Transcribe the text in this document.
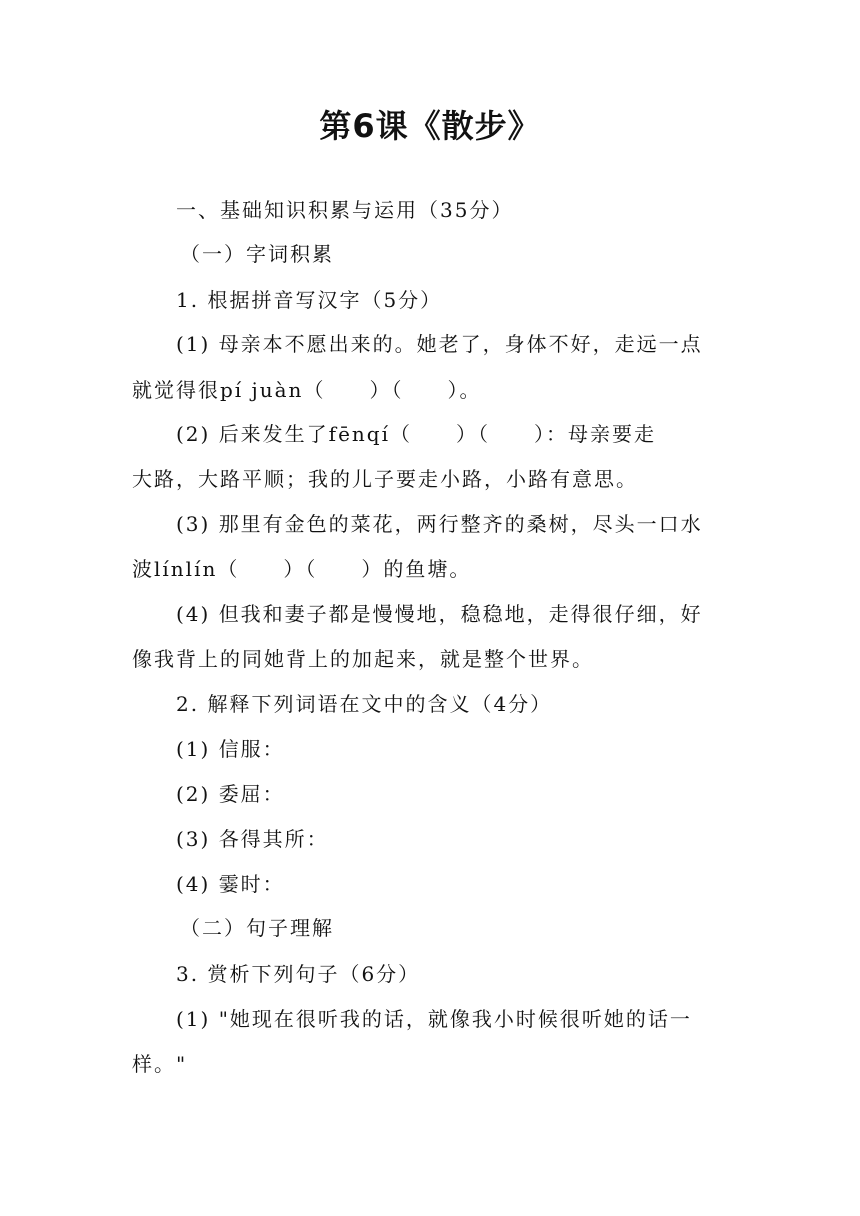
第6课《散步》
一、基础知识积累与运用（35分）
（一）字词积累
1. 根据拼音写汉字（5分）
(1) 母亲本不愿出来的。她老了，身体不好，走远一点
就觉得很pí juàn（　　）（　　）。
(2) 后来发生了fēnqí（　　）（　　）：母亲要走
大路，大路平顺；我的儿子要走小路，小路有意思。
(3) 那里有金色的菜花，两行整齐的桑树，尽头一口水
波línlín（　　）（　　）的鱼塘。
(4) 但我和妻子都是慢慢地，稳稳地，走得很仔细，好
像我背上的同她背上的加起来，就是整个世界。
2. 解释下列词语在文中的含义（4分）
(1) 信服：
(2) 委屈：
(3) 各得其所：
(4) 霎时：
（二）句子理解
3. 赏析下列句子（6分）
(1) "她现在很听我的话，就像我小时候很听她的话一
样。"
